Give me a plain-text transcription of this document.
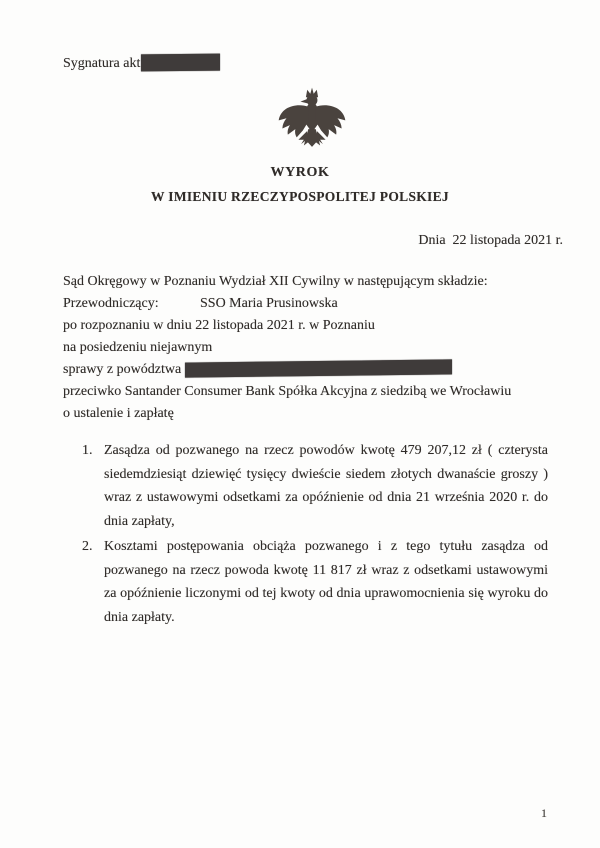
Sygnatura akt
WYROK
W IMIENIU RZECZYPOSPOLITEJ POLSKIEJ
Dnia  22 listopada 2021 r.
Sąd Okręgowy w Poznaniu Wydział XII Cywilny w następującym składzie:
Przewodniczący:	SSO Maria Prusinowska
po rozpoznaniu w dniu 22 listopada 2021 r. w Poznaniu
na posiedzeniu niejawnym
sprawy z powództwa
przeciwko Santander Consumer Bank Spółka Akcyjna z siedzibą we Wrocławiu
o ustalenie i zapłatę
1. Zasądza od pozwanego na rzecz powodów kwotę 479 207,12 zł ( czterysta siedemdziesiąt dziewięć tysięcy dwieście siedem złotych dwanaście groszy ) wraz z ustawowymi odsetkami za opóźnienie od dnia 21 września 2020 r. do dnia zapłaty,
2. Kosztami postępowania obciąża pozwanego i z tego tytułu zasądza od pozwanego na rzecz powoda kwotę 11 817 zł wraz z odsetkami ustawowymi za opóźnienie liczonymi od tej kwoty od dnia uprawomocnienia się wyroku do dnia zapłaty.
1
